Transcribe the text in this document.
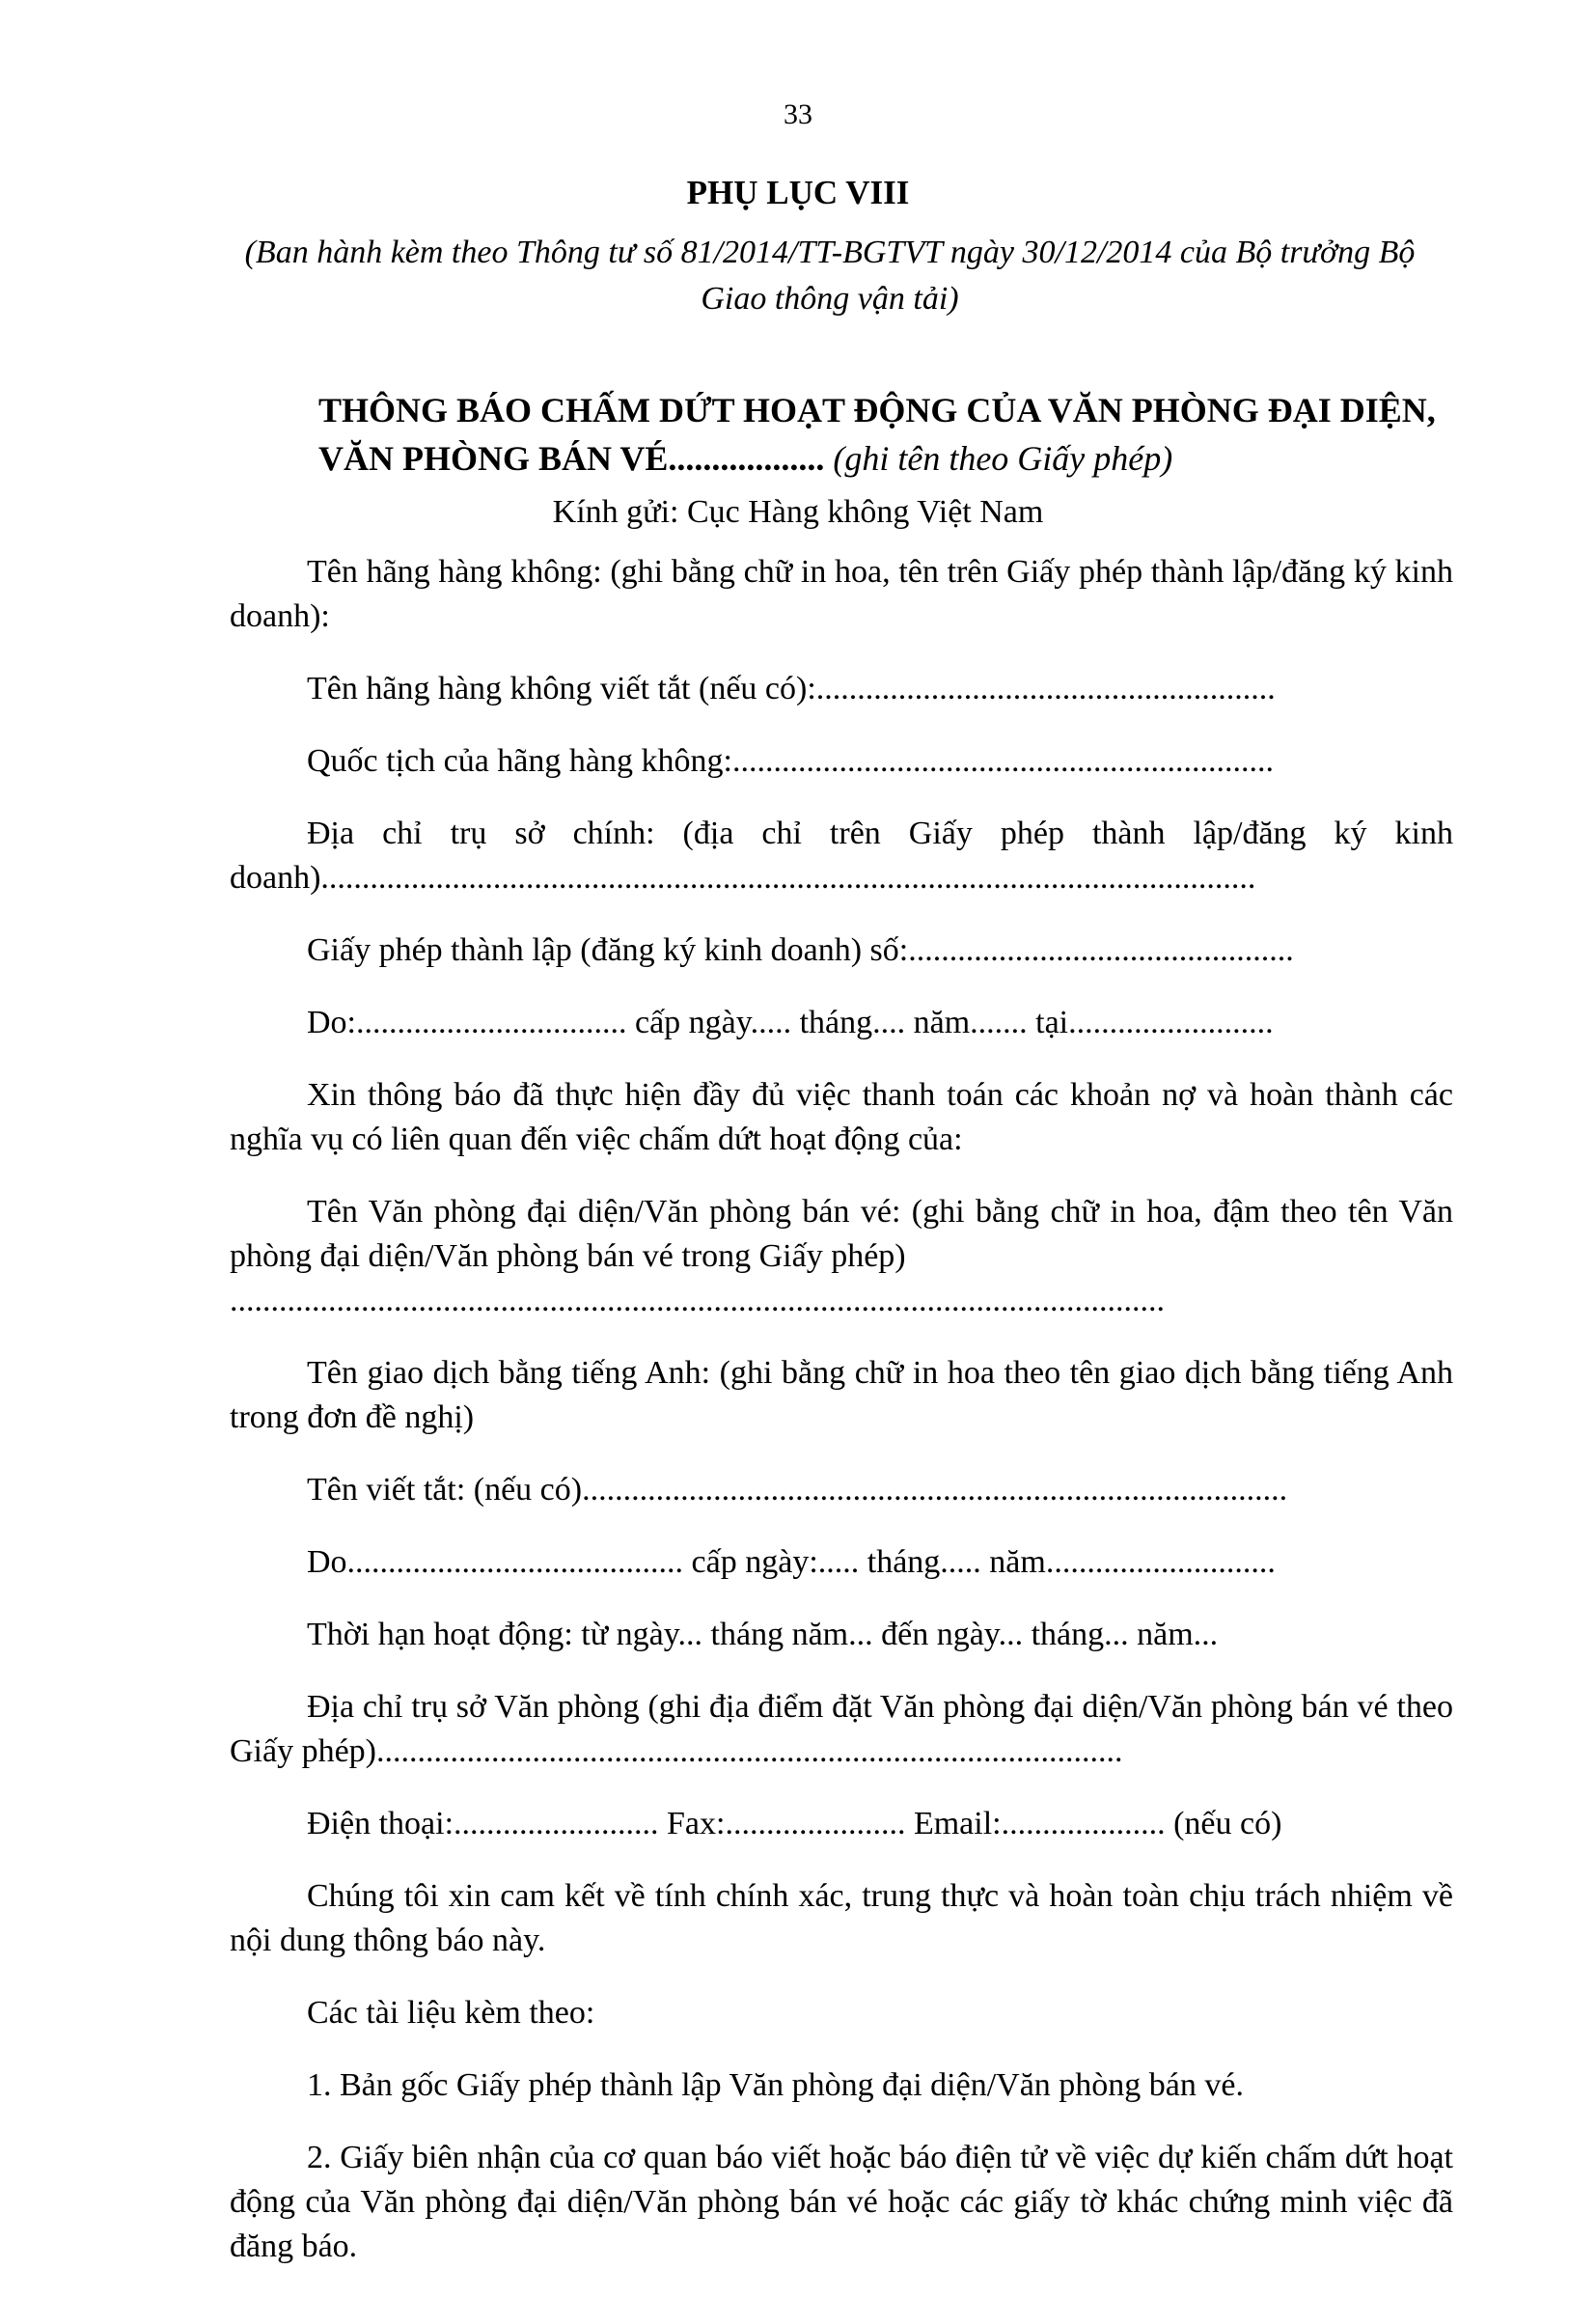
33
PHỤ LỤC VIII
(Ban hành kèm theo Thông tư số 81/2014/TT-BGTVT ngày 30/12/2014 của Bộ trưởng Bộ Giao thông vận tải)
THÔNG BÁO CHẤM DỨT HOẠT ĐỘNG CỦA VĂN PHÒNG ĐẠI DIỆN, VĂN PHÒNG BÁN VÉ.................. (ghi tên theo Giấy phép)
Kính gửi: Cục Hàng không Việt Nam

Tên hãng hàng không: (ghi bằng chữ in hoa, tên trên Giấy phép thành lập/đăng ký kinh doanh):

Tên hãng hàng không viết tắt (nếu có):........................................................

Quốc tịch của hãng hàng không:..................................................................

Địa chỉ trụ sở chính: (địa chỉ trên Giấy phép thành lập/đăng ký kinh doanh)..................................................................................................................

Giấy phép thành lập (đăng ký kinh doanh) số:...............................................

Do:................................. cấp ngày..... tháng.... năm....... tại.........................

Xin thông báo đã thực hiện đầy đủ việc thanh toán các khoản nợ và hoàn thành các nghĩa vụ có liên quan đến việc chấm dứt hoạt động của:

Tên Văn phòng đại diện/Văn phòng bán vé: (ghi bằng chữ in hoa, đậm theo tên Văn phòng đại diện/Văn phòng bán vé trong Giấy phép)

..................................................................................................................

Tên giao dịch bằng tiếng Anh: (ghi bằng chữ in hoa theo tên giao dịch bằng tiếng Anh trong đơn đề nghị)

Tên viết tắt: (nếu có)......................................................................................

Do......................................... cấp ngày:..... tháng..... năm............................

Thời hạn hoạt động: từ ngày... tháng năm... đến ngày... tháng... năm...

Địa chỉ trụ sở Văn phòng (ghi địa điểm đặt Văn phòng đại diện/Văn phòng bán vé theo Giấy phép)...........................................................................................

Điện thoại:......................... Fax:...................... Email:.................... (nếu có)

Chúng tôi xin cam kết về tính chính xác, trung thực và hoàn toàn chịu trách nhiệm về nội dung thông báo này.

Các tài liệu kèm theo:

1. Bản gốc Giấy phép thành lập Văn phòng đại diện/Văn phòng bán vé.

2. Giấy biên nhận của cơ quan báo viết hoặc báo điện tử về việc dự kiến chấm dứt hoạt động của Văn phòng đại diện/Văn phòng bán vé hoặc các giấy tờ khác chứng minh việc đã đăng báo.
